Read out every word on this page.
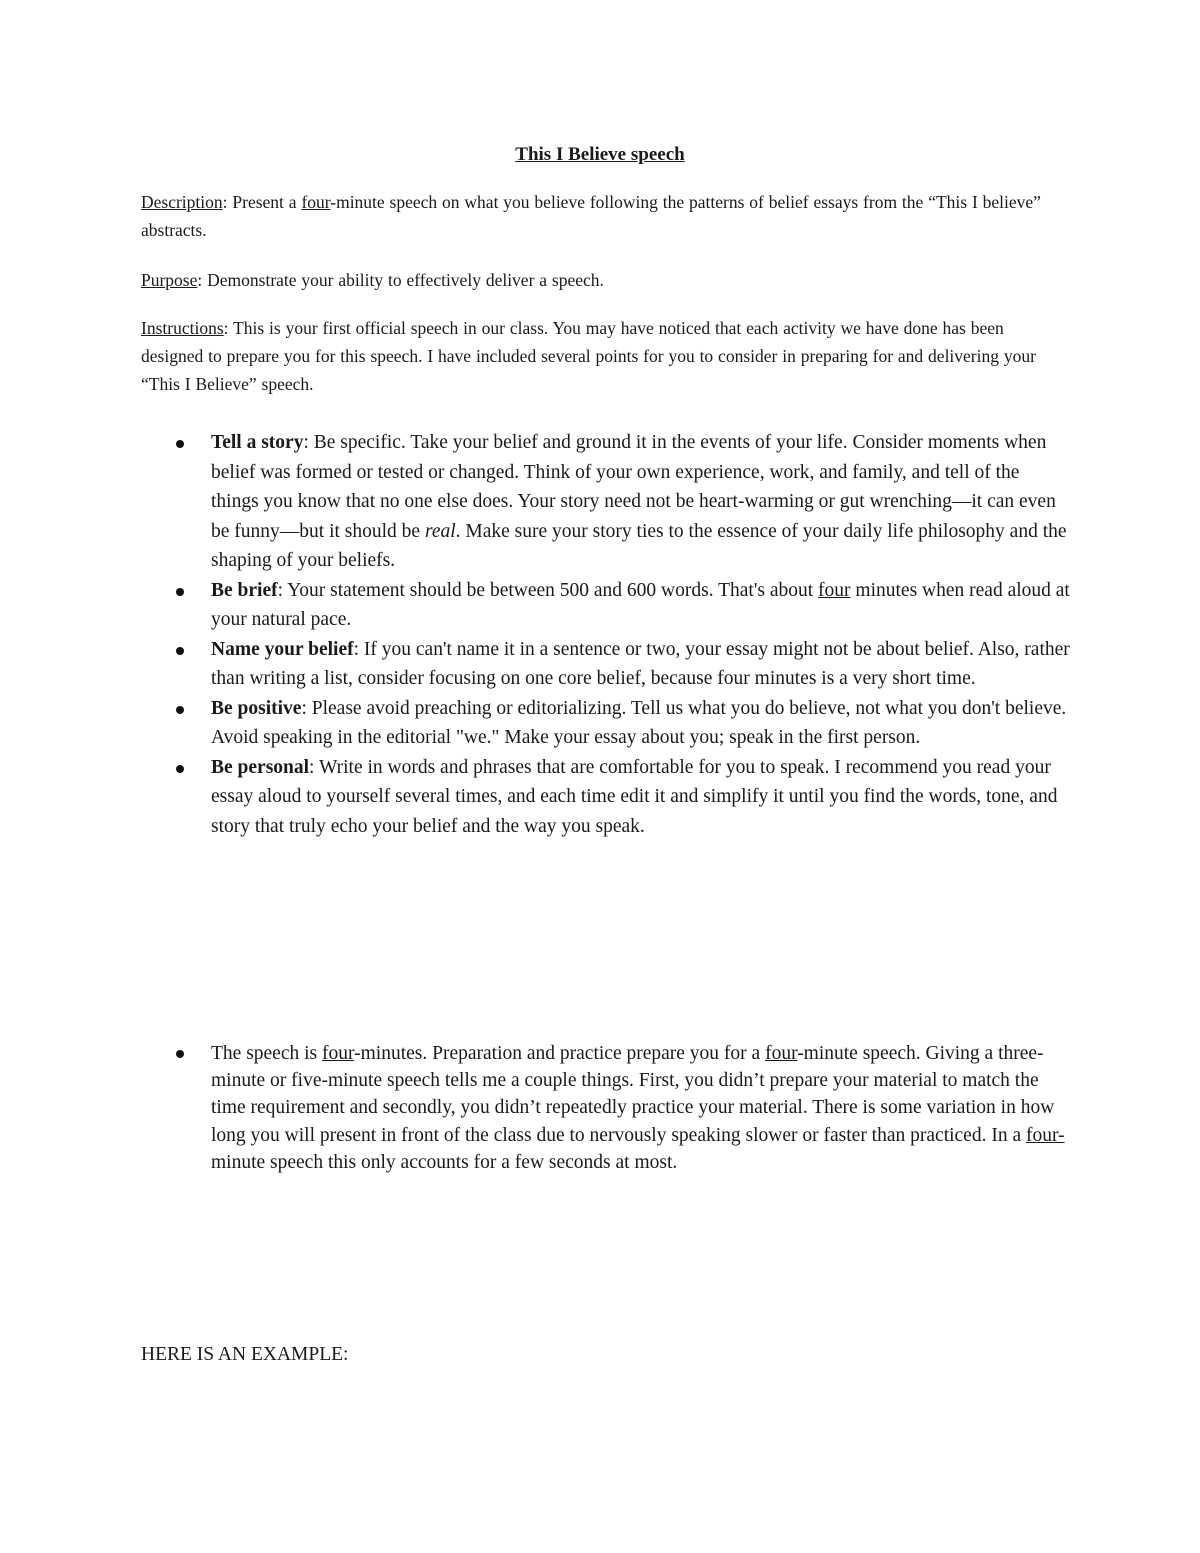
This I Believe speech

Description: Present a four-minute speech on what you believe following the patterns of belief essays from the “This I believe” abstracts.

Purpose: Demonstrate your ability to effectively deliver a speech.

Instructions: This is your first official speech in our class. You may have noticed that each activity we have done has been designed to prepare you for this speech. I have included several points for you to consider in preparing for and delivering your “This I Believe” speech.

Tell a story: Be specific. Take your belief and ground it in the events of your life. Consider moments when belief was formed or tested or changed. Think of your own experience, work, and family, and tell of the things you know that no one else does. Your story need not be heart-warming or gut wrenching—it can even be funny—but it should be real. Make sure your story ties to the essence of your daily life philosophy and the shaping of your beliefs.
Be brief: Your statement should be between 500 and 600 words. That's about four minutes when read aloud at your natural pace.
Name your belief: If you can't name it in a sentence or two, your essay might not be about belief. Also, rather than writing a list, consider focusing on one core belief, because four minutes is a very short time.
Be positive: Please avoid preaching or editorializing. Tell us what you do believe, not what you don't believe. Avoid speaking in the editorial "we." Make your essay about you; speak in the first person.
Be personal: Write in words and phrases that are comfortable for you to speak. I recommend you read your essay aloud to yourself several times, and each time edit it and simplify it until you find the words, tone, and story that truly echo your belief and the way you speak.
The speech is four-minutes. Preparation and practice prepare you for a four-minute speech. Giving a three-minute or five-minute speech tells me a couple things. First, you didn’t prepare your material to match the time requirement and secondly, you didn’t repeatedly practice your material. There is some variation in how long you will present in front of the class due to nervously speaking slower or faster than practiced. In a four-minute speech this only accounts for a few seconds at most.
HERE IS AN EXAMPLE:
